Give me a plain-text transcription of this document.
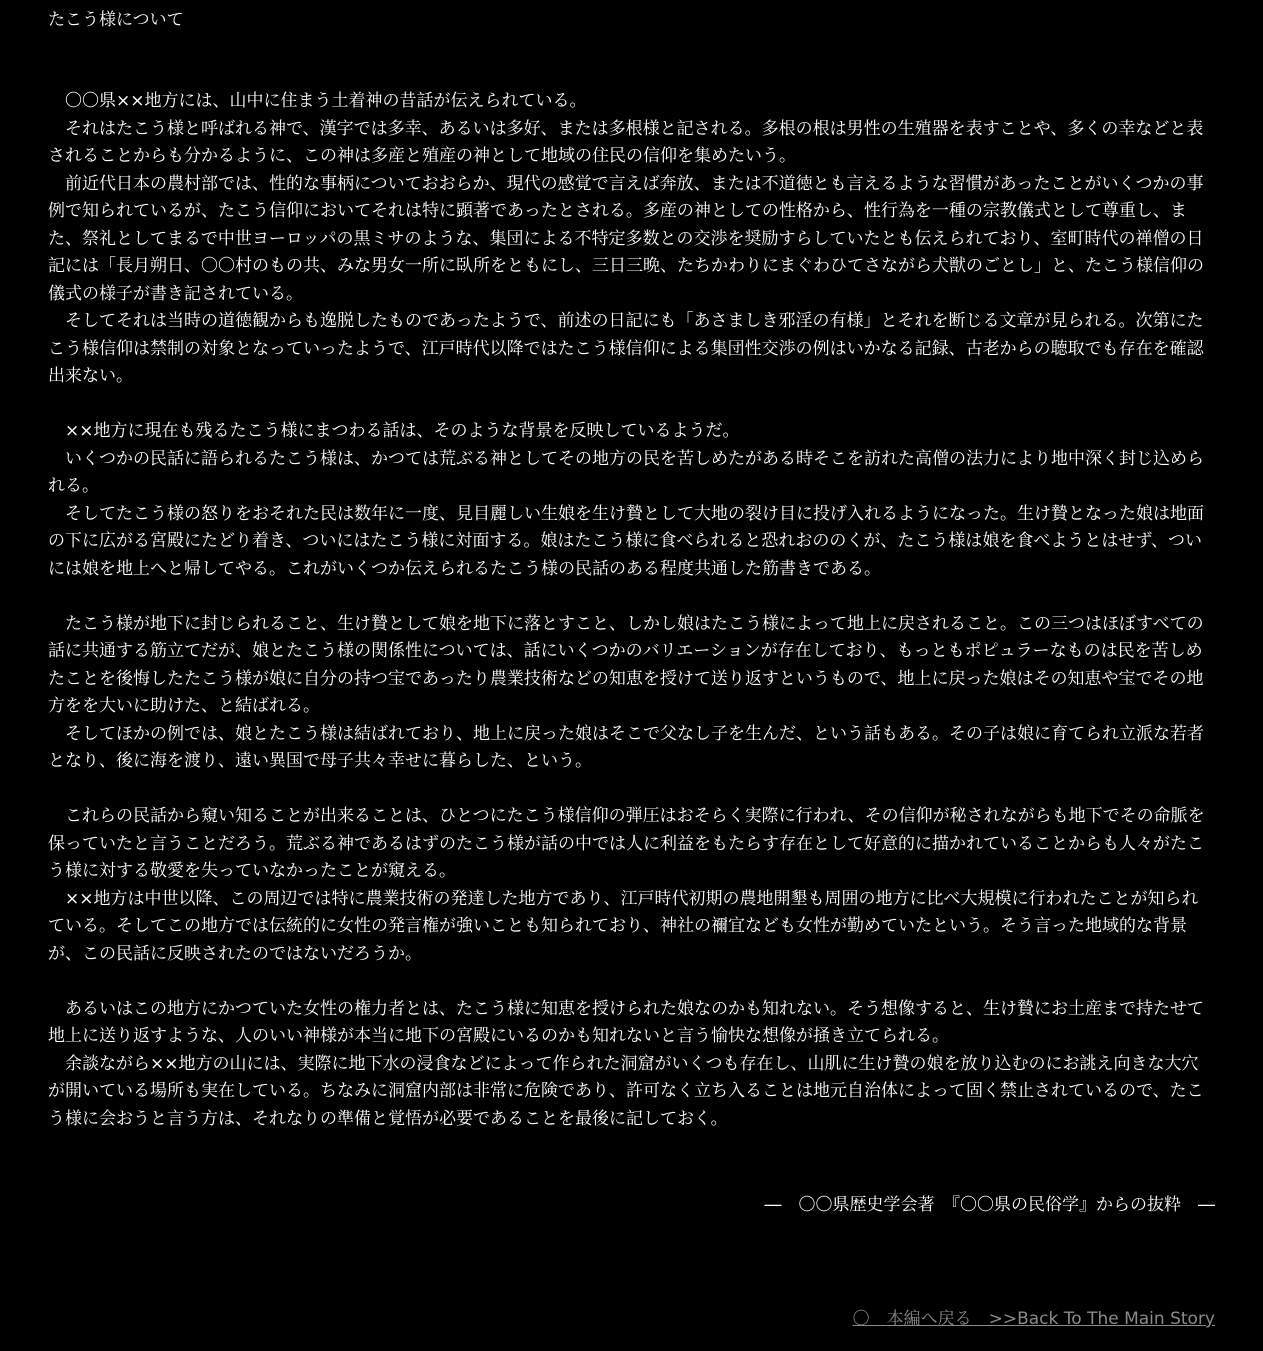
たこう様について

〇〇県××地方には、山中に住まう土着神の昔話が伝えられている。

それはたこう様と呼ばれる神で、漢字では多幸、あるいは多好、または多根様と記される。多根の根は男性の生殖器を表すことや、多くの幸などと表されることからも分かるように、この神は多産と殖産の神として地域の住民の信仰を集めたいう。

前近代日本の農村部では、性的な事柄についておおらか、現代の感覚で言えば奔放、または不道徳とも言えるような習慣があったことがいくつかの事例で知られているが、たこう信仰においてそれは特に顕著であったとされる。多産の神としての性格から、性行為を一種の宗教儀式として尊重し、また、祭礼としてまるで中世ヨーロッパの黒ミサのような、集団による不特定多数との交渉を奨励すらしていたとも伝えられており、室町時代の禅僧の日記には「長月朔日、〇〇村のもの共、みな男女一所に臥所をともにし、三日三晩、たちかわりにまぐわひてさながら犬獣のごとし」と、たこう様信仰の儀式の様子が書き記されている。

そしてそれは当時の道徳観からも逸脱したものであったようで、前述の日記にも「あさましき邪淫の有様」とそれを断じる文章が見られる。次第にたこう様信仰は禁制の対象となっていったようで、江戸時代以降ではたこう様信仰による集団性交渉の例はいかなる記録、古老からの聴取でも存在を確認出来ない。

××地方に現在も残るたこう様にまつわる話は、そのような背景を反映しているようだ。

いくつかの民話に語られるたこう様は、かつては荒ぶる神としてその地方の民を苦しめたがある時そこを訪れた高僧の法力により地中深く封じ込められる。

そしてたこう様の怒りをおそれた民は数年に一度、見目麗しい生娘を生け贄として大地の裂け目に投げ入れるようになった。生け贄となった娘は地面の下に広がる宮殿にたどり着き、ついにはたこう様に対面する。娘はたこう様に食べられると恐れおののくが、たこう様は娘を食べようとはせず、ついには娘を地上へと帰してやる。これがいくつか伝えられるたこう様の民話のある程度共通した筋書きである。

たこう様が地下に封じられること、生け贄として娘を地下に落とすこと、しかし娘はたこう様によって地上に戻されること。この三つはほぼすべての話に共通する筋立てだが、娘とたこう様の関係性については、話にいくつかのバリエーションが存在しており、もっともポピュラーなものは民を苦しめたことを後悔したたこう様が娘に自分の持つ宝であったり農業技術などの知恵を授けて送り返すというもので、地上に戻った娘はその知恵や宝でその地方をを大いに助けた、と結ばれる。

そしてほかの例では、娘とたこう様は結ばれており、地上に戻った娘はそこで父なし子を生んだ、という話もある。その子は娘に育てられ立派な若者となり、後に海を渡り、遠い異国で母子共々幸せに暮らした、という。

これらの民話から窺い知ることが出来ることは、ひとつにたこう様信仰の弾圧はおそらく実際に行われ、その信仰が秘されながらも地下でその命脈を保っていたと言うことだろう。荒ぶる神であるはずのたこう様が話の中では人に利益をもたらす存在として好意的に描かれていることからも人々がたこう様に対する敬愛を失っていなかったことが窺える。

××地方は中世以降、この周辺では特に農業技術の発達した地方であり、江戸時代初期の農地開墾も周囲の地方に比べ大規模に行われたことが知られている。そしてこの地方では伝統的に女性の発言権が強いことも知られており、神社の禰宜なども女性が勤めていたという。そう言った地域的な背景が、この民話に反映されたのではないだろうか。

あるいはこの地方にかつていた女性の権力者とは、たこう様に知恵を授けられた娘なのかも知れない。そう想像すると、生け贄にお土産まで持たせて地上に送り返すような、人のいい神様が本当に地下の宮殿にいるのかも知れないと言う愉快な想像が掻き立てられる。

余談ながら××地方の山には、実際に地下水の浸食などによって作られた洞窟がいくつも存在し、山肌に生け贄の娘を放り込むのにお誂え向きな大穴が開いている場所も実在している。ちなみに洞窟内部は非常に危険であり、許可なく立ち入ることは地元自治体によって固く禁止されているので、たこう様に会おうと言う方は、それなりの準備と覚悟が必要であることを最後に記しておく。

―　〇〇県歴史学会著　『〇〇県の民俗学』からの抜粋　―
〇　本編へ戻る　>>Back To The Main Story
